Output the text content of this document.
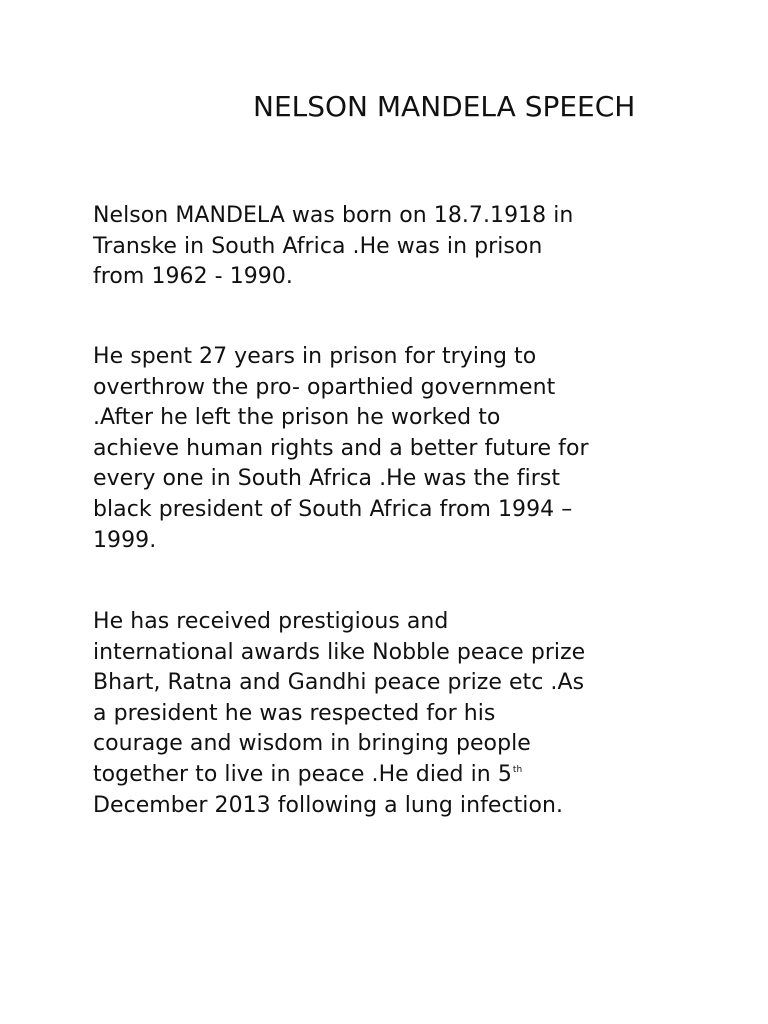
NELSON MANDELA SPEECH

Nelson MANDELA was born on 18.7.1918 in
Transke in South Africa .He was in prison
from 1962 - 1990.

He spent 27 years in prison for trying to
overthrow the pro- oparthied government
.After he left the prison he worked to
achieve human rights and a better future for
every one in South Africa .He was the first
black president of South Africa from 1994 –
1999.

He has received prestigious and
international awards like Nobble peace prize
Bhart, Ratna and Gandhi peace prize etc .As
a president he was respected for his
courage and wisdom in bringing people
together to live in peace .He died in 5th
December 2013 following a lung infection.
